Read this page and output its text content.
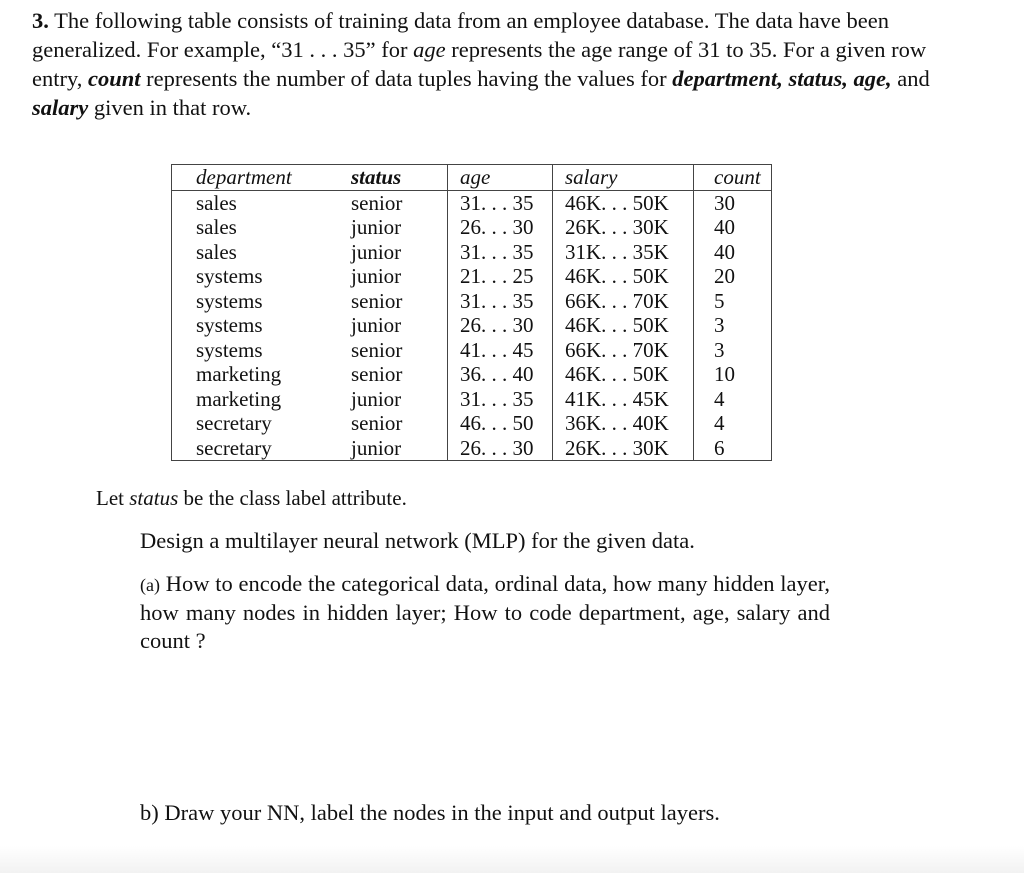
3. The following table consists of training data from an employee database. The data have been generalized. For example, “31 . . . 35” for age represents the age range of 31 to 35. For a given row entry, count represents the number of data tuples having the values for department, status, age, and salary given in that row.
department	status	age	salary	count
sales	senior	31. . . 35	46K. . . 50K	30
sales	junior	26. . . 30	26K. . . 30K	40
sales	junior	31. . . 35	31K. . . 35K	40
systems	junior	21. . . 25	46K. . . 50K	20
systems	senior	31. . . 35	66K. . . 70K	5
systems	junior	26. . . 30	46K. . . 50K	3
systems	senior	41. . . 45	66K. . . 70K	3
marketing	senior	36. . . 40	46K. . . 50K	10
marketing	junior	31. . . 35	41K. . . 45K	4
secretary	senior	46. . . 50	36K. . . 40K	4
secretary	junior	26. . . 30	26K. . . 30K	6
Let status be the class label attribute.
Design a multilayer neural network (MLP) for the given data.
(a) How to encode the categorical data, ordinal data, how many hidden layer, how many nodes in hidden layer; How to code department, age, salary and count ?
b) Draw your NN, label the nodes in the input and output layers.
